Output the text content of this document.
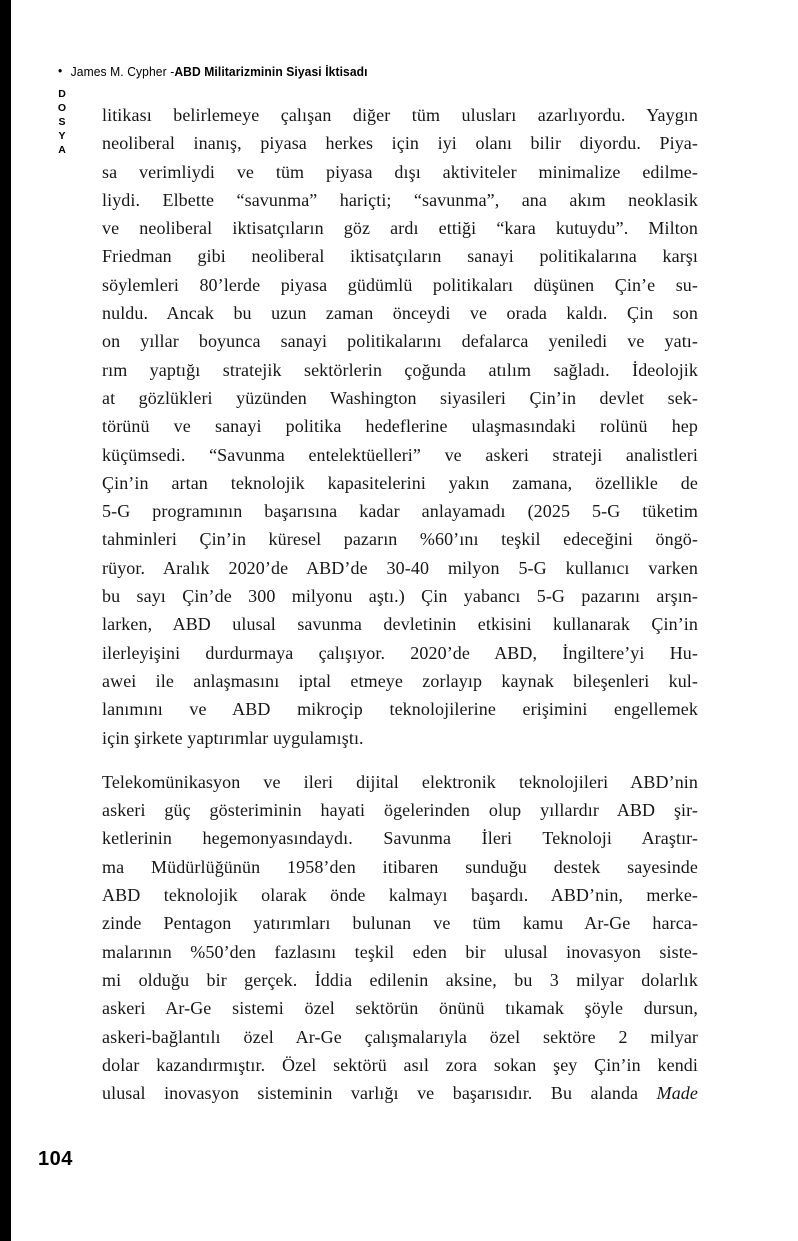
• James M. Cypher - ABD Militarizminin Siyasi İktisadı
DOSYA litikası belirlemeye çalışan diğer tüm ulusları azarlıyordu. Yaygın
neoliberal inanış, piyasa herkes için iyi olanı bilir diyordu. Piya-
sa verimliydi ve tüm piyasa dışı aktiviteler minimalize edilme-
liydi. Elbette “savunma” hariçti; “savunma”, ana akım neoklasik
ve neoliberal iktisatçıların göz ardı ettiği “kara kutuydu”. Milton
Friedman gibi neoliberal iktisatçıların sanayi politikalarına karşı
söylemleri 80’lerde piyasa güdümlü politikaları düşünen Çin’e su-
nuldu. Ancak bu uzun zaman önceydi ve orada kaldı. Çin son
on yıllar boyunca sanayi politikalarını defalarca yeniledi ve yatı-
rım yaptığı stratejik sektörlerin çoğunda atılım sağladı. İdeolojik
at gözlükleri yüzünden Washington siyasileri Çin’in devlet sek-
törünü ve sanayi politika hedeflerine ulaşmasındaki rolünü hep
küçümsedi. “Savunma entelektüelleri” ve askeri strateji analistleri
Çin’in artan teknolojik kapasitelerini yakın zamana, özellikle de
5-G programının başarısına kadar anlayamadı (2025 5-G tüketim
tahminleri Çin’in küresel pazarın %60’ını teşkil edeceğini öngö-
rüyor. Aralık 2020’de ABD’de 30-40 milyon 5-G kullanıcı varken
bu sayı Çin’de 300 milyonu aştı.) Çin yabancı 5-G pazarını arşın-
larken, ABD ulusal savunma devletinin etkisini kullanarak Çin’in
ilerleyişini durdurmaya çalışıyor. 2020’de ABD, İngiltere’yi Hu-
awei ile anlaşmasını iptal etmeye zorlayıp kaynak bileşenleri kul-
lanımını ve ABD mikroçip teknolojilerine erişimini engellemek
için şirkete yaptırımlar uygulamıştı.
Telekomünikasyon ve ileri dijital elektronik teknolojileri ABD’nin
askeri güç gösteriminin hayati ögelerinden olup yıllardır ABD şir-
ketlerinin hegemonyasındaydı. Savunma İleri Teknoloji Araştır-
ma Müdürlüğünün 1958’den itibaren sunduğu destek sayesinde
ABD teknolojik olarak önde kalmayı başardı. ABD’nin, merke-
zinde Pentagon yatırımları bulunan ve tüm kamu Ar-Ge harca-
malarının %50’den fazlasını teşkil eden bir ulusal inovasyon siste-
mi olduğu bir gerçek. İddia edilenin aksine, bu 3 milyar dolarlık
askeri Ar-Ge sistemi özel sektörün önünü tıkamak şöyle dursun,
askeri-bağlantılı özel Ar-Ge çalışmalarıyla özel sektöre 2 milyar
dolar kazandırmıştır. Özel sektörü asıl zora sokan şey Çin’in kendi
ulusal inovasyon sisteminin varlığı ve başarısıdır. Bu alanda Made
104
